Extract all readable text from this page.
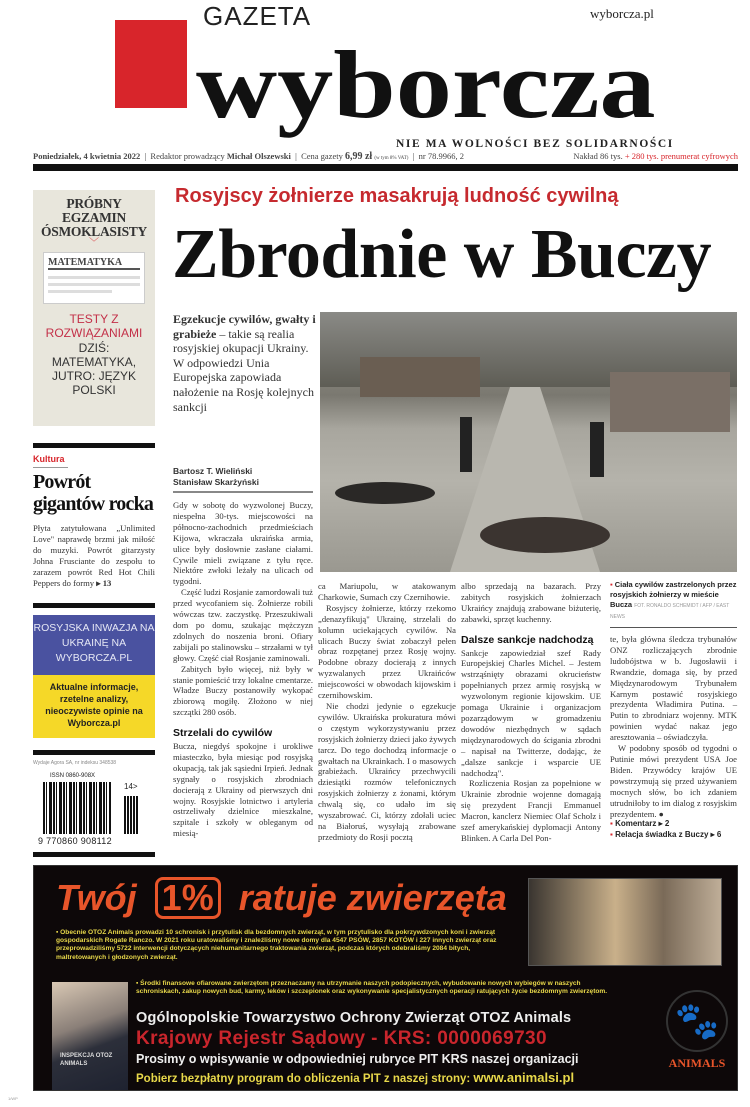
GAZETA
wyborcza
wyborcza.pl
NIE MA WOLNOŚCI BEZ SOLIDARNOŚCI
Poniedziałek, 4 kwietnia 2022  |  Redaktor prowadzący Michał Olszewski  |  Cena gazety 6,99 zł (w tym 8% VAT)  |  nr 78.9966, 2	Nakład 86 tys. + 280 tys. prenumerat cyfrowych
PRÓBNY EGZAMIN ÓSMOKLASISTY
﹀
MATEMATYKA
TESTY Z ROZWIĄZANIAMI
DZIŚ: MATEMATYKA, JUTRO: JĘZYK POLSKI
Kultura
Powrót gigantów rocka
Płyta zatytułowana „Unlimited Love" naprawdę brzmi jak miłość do muzyki. Powrót gitarzysty Johna Frusciante do zespołu to zarazem powrót Red Hot Chili Peppers do formy ▸ 13
ROSYJSKA INWAZJA NA UKRAINĘ NA WYBORCZA.PL
Aktualne informacje, rzetelne analizy, nieoczywiste opinie na Wyborcza.pl
Wydaje Agora SA, nr indeksu 348538
ISSN 0860-908X
14>
9 770860 908112
Rosyjscy żołnierze masakrują ludność cywilną
Zbrodnie w Buczy
Egzekucje cywilów, gwałty i grabieże – takie są realia rosyjskiej okupacji Ukrainy. W odpowiedzi Unia Europejska zapowiada nałożenie na Rosję kolejnych sankcji
Bartosz T. Wieliński
Stanisław Skarżyński

Gdy w sobotę do wyzwolonej Buczy, niespełna 30-tys. miejscowości na północno-zachodnich przedmieściach Kijowa, wkraczała ukraińska armia, ulice były dosłownie zasłane ciałami. Cywile mieli związane z tyłu ręce. Niektóre zwłoki leżały na ulicach od tygodni.

Część ludzi Rosjanie zamordowali tuż przed wycofaniem się. Żołnierze robili wówczas tzw. zaczystkę. Przeszukiwali dom po domu, szukając mężczyzn zdolnych do noszenia broni. Ofiary zabijali po stalinowsku – strzałami w tył głowy. Część ciał Rosjanie zaminowali.

Zabitych było więcej, niż były w stanie pomieścić trzy lokalne cmentarze. Władze Buczy postanowiły wykopać zbiorową mogiłę. Złożono w niej szczątki 280 osób.

Strzelali do cywilów

Bucza, niegdyś spokojne i urokliwe miasteczko, była miesiąc pod rosyjską okupacją, tak jak sąsiedni Irpień. Jednak sygnały o rosyjskich zbrodniach docierają z Ukrainy od pierwszych dni wojny. Rosyjskie lotnictwo i artyleria ostrzeliwały dzielnice mieszkalne, szpitale i szkoły w obleganym od miesią-

ca Mariupolu, w atakowanym Charkowie, Sumach czy Czernihowie.

Rosyjscy żołnierze, którzy rzekomo „denazyfikują" Ukrainę, strzelali do kolumn uciekających cywilów. Na ulicach Buczy świat zobaczył pełen obraz rozpętanej przez Rosję wojny. Podobne obrazy docierają z innych wyzwalanych przez Ukraińców miejscowości w obwodach kijowskim i czernihowskim.

Nie chodzi jedynie o egzekucje cywilów. Ukraińska prokuratura mówi o częstym wykorzystywaniu przez rosyjskich żołnierzy dzieci jako żywych tarcz. Do tego dochodzą informacje o gwałtach na Ukrainkach. I o masowych grabieżach. Ukraińcy przechwycili dziesiątki rozmów telefonicznych rosyjskich żołnierzy z żonami, którym chwalą się, co udało im się wyszabrować. Ci, którzy zdołali uciec na Białoruś, wysyłają zrabowane przedmioty do Rosji pocztą

albo sprzedają na bazarach. Przy zabitych rosyjskich żołnierzach Ukraińcy znajdują zrabowane biżuterię, zabawki, sprzęt kuchenny.

Dalsze sankcje nadchodzą

Sankcje zapowiedział szef Rady Europejskiej Charles Michel. – Jestem wstrząśnięty obrazami okrucieństw popełnianych przez armię rosyjską w wyzwolonym regionie kijowskim. UE pomaga Ukrainie i organizacjom pozarządowym w gromadzeniu dowodów niezbędnych w sądach międzynarodowych do ścigania zbrodni – napisał na Twitterze, dodając, że „dalsze sankcje i wsparcie UE nadchodzą".

Rozliczenia Rosjan za popełnione w Ukrainie zbrodnie wojenne domagają się prezydent Francji Emmanuel Macron, kanclerz Niemiec Olaf Scholz i szef amerykańskiej dyplomacji Antony Blinken. A Carla Del Pon-

▪ Ciała cywilów zastrzelonych przez rosyjskich żołnierzy w mieście Bucza FOT. RONALDO SCHEMIDT / AFP / EAST NEWS

te, była główna śledcza trybunałów ONZ rozliczających zbrodnie ludobójstwa w b. Jugosławii i Rwandzie, domaga się, by przed Międzynarodowym Trybunałem Karnym postawić rosyjskiego prezydenta Władimira Putina. – Putin to zbrodniarz wojenny. MTK powinien wydać nakaz jego aresztowania – oświadczyła.

W podobny sposób od tygodni o Putinie mówi prezydent USA Joe Biden. Przywódcy krajów UE powstrzymują się przed używaniem mocnych słów, bo ich zdaniem utrudniłoby to im dialog z rosyjskim prezydentem. ●

▪ Komentarz ▸ 2
▪ Relacja świadka z Buczy ▸ 6
Twój 1% ratuje zwierzęta
▪ Obecnie OTOZ Animals prowadzi 10 schronisk i przytulisk dla bezdomnych zwierząt, w tym przytulisko dla pokrzywdzonych koni i zwierząt gospodarskich Rogate Ranczo. W 2021 roku uratowaliśmy i znaleźliśmy nowe domy dla 4547 PSÓW, 2857 KOTÓW i 227 innych zwierząt oraz przeprowadziliśmy 5722 interwencji dotyczących niehumanitarnego traktowania zwierząt, podczas których odebraliśmy 2084 bitych, maltretowanych i głodzonych zwierząt.
INSPEKCJA OTOZ ANIMALS
▪ Środki finansowe ofiarowane zwierzętom przeznaczamy na utrzymanie naszych podopiecznych, wybudowanie nowych wybiegów w naszych schroniskach, zakup nowych bud, karmy, leków i szczepionek oraz wykonywanie specjalistycznych operacji ratujących życie bezdomnym zwierzętom.
Ogólnopolskie Towarzystwo Ochrony Zwierząt OTOZ Animals
Krajowy Rejestr Sądowy - KRS: 0000069730
Prosimy o wpisywanie w odpowiedniej rubryce PIT KRS naszej organizacji
Pobierz bezpłatny program do obliczenia PIT z naszej strony: www.animalsi.pl
🐾
ANIMALS
1/WP
